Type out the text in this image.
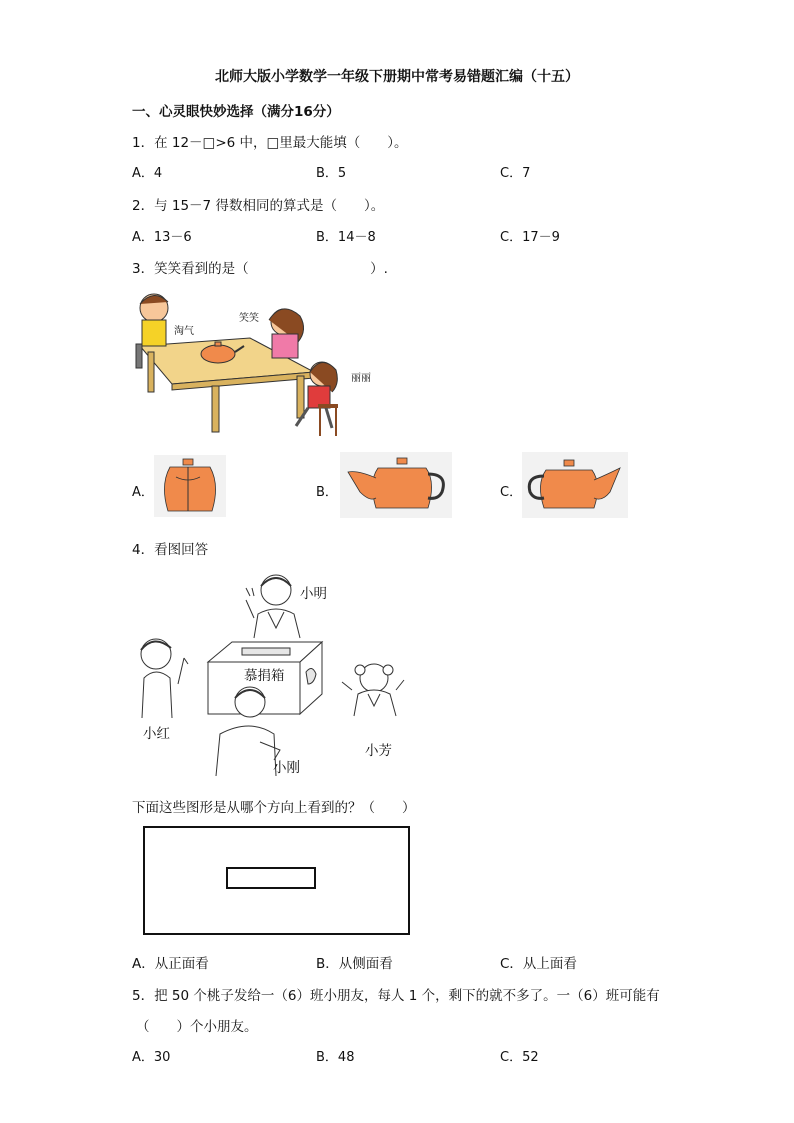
北师大版小学数学一年级下册期中常考易错题汇编（十五）
一、心灵眼快妙选择（满分16分）
1．在 12－□>6 中，□里最大能填（　　）。
A．4	B．5	C．7
2．与 15－7 得数相同的算式是（　　）。
A．13－6	B．14－8	C．17－9
3．笑笑看到的是（　　　　　　　　　）.
淘气
笑笑
丽丽
A．	B．	C．
4．看图回答
小明
慕捐箱
小红
小芳
小刚
下面这些图形是从哪个方向上看到的？（　　）
A．从正面看	B．从侧面看	C．从上面看
5．把 50 个桃子发给一（6）班小朋友，每人 1 个，剩下的就不多了。一（6）班可能有
（　　）个小朋友。
A．30	B．48	C．52
